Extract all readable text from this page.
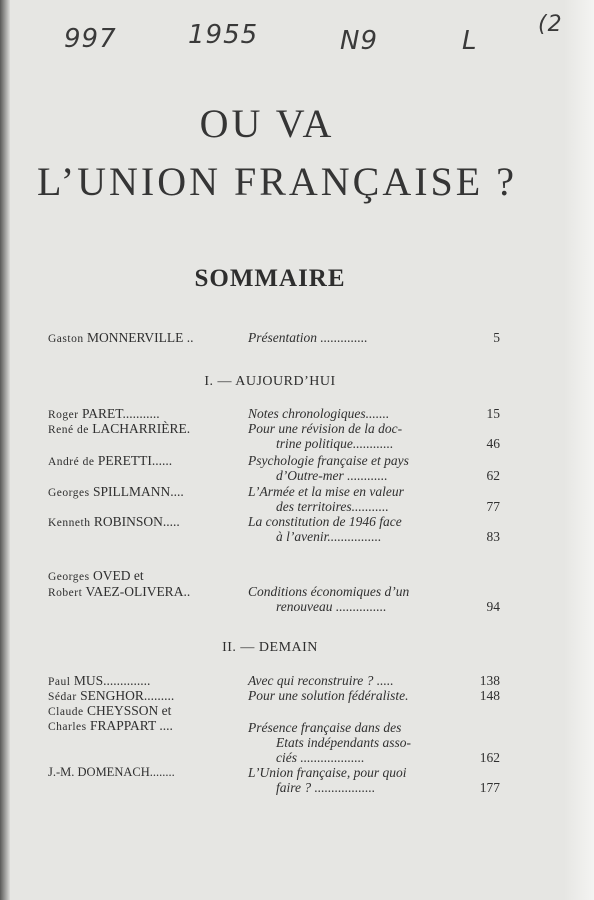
997	1955	N9	L
(2
OU VA
L’UNION FRANÇAISE ?
SOMMAIRE
Gaston MONNERVILLE ..	Présentation ..............	5
I. — AUJOURD’HUI
Roger PARET...........	Notes chronologiques.......	15
René de LACHARRIÈRE.	Pour une révision de la doc-
trine politique............	46
André de PERETTI......	Psychologie française et pays
d’Outre-mer ............	62
Georges SPILLMANN....	L’Armée et la mise en valeur
des territoires...........	77
Kenneth ROBINSON.....	La constitution de 1946 face
à l’avenir................	83
Georges OVED et
Robert VAEZ-OLIVERA..	Conditions économiques d’un
renouveau ...............	94
II. — DEMAIN
Paul MUS..............	Avec qui reconstruire ? .....	138
Sédar SENGHOR.........	Pour une solution fédéraliste.	148
Claude CHEYSSON et
Charles FRAPPART ....	Présence française dans des
Etats indépendants asso-
ciés ...................	162
J.-M. DOMENACH........	L’Union française, pour quoi
faire ? ..................	177
